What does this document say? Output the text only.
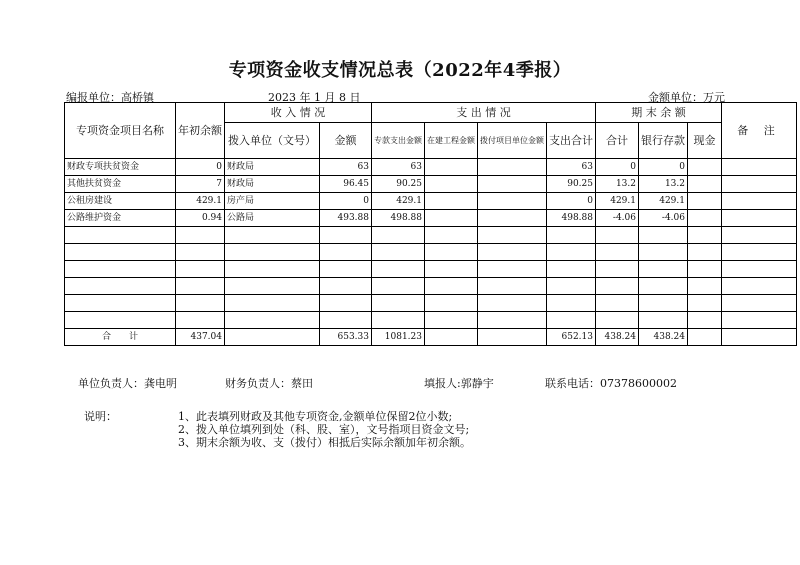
专项资金收支情况总表（2022年4季报）
编报单位：高桥镇	2023 年 1 月 8 日	金额单位：万元
专项资金项目名称	年初余额	收 入 情 况		支 出 情 况				期 末 余 额			备 注
		拨入单位（文号）	金额	专款支出金额	在建工程金额	拨付项目单位金额	支出合计	合计	银行存款	现金	
财政专项扶贫资金	0	财政局	63	63			63	0	0		
其他扶贫资金	7	财政局	96.45	90.25			90.25	13.2	13.2		
公租房建设	429.1	房产局	0	429.1			0	429.1	429.1		
公路维护资金	0.94	公路局	493.88	498.88			498.88	-4.06	-4.06		

合　　计	437.04		653.33	1081.23			652.13	438.24	438.24		
单位负责人：龚电明	财务负责人：蔡田	填报人:郭静宇	联系电话：07378600002
说明：	1、此表填列财政及其他专项资金,金额单位保留2位小数;
2、拨入单位填列到处（科、股、室），文号指项目资金文号;
3、期末余额为收、支（拨付）相抵后实际余额加年初余额。
